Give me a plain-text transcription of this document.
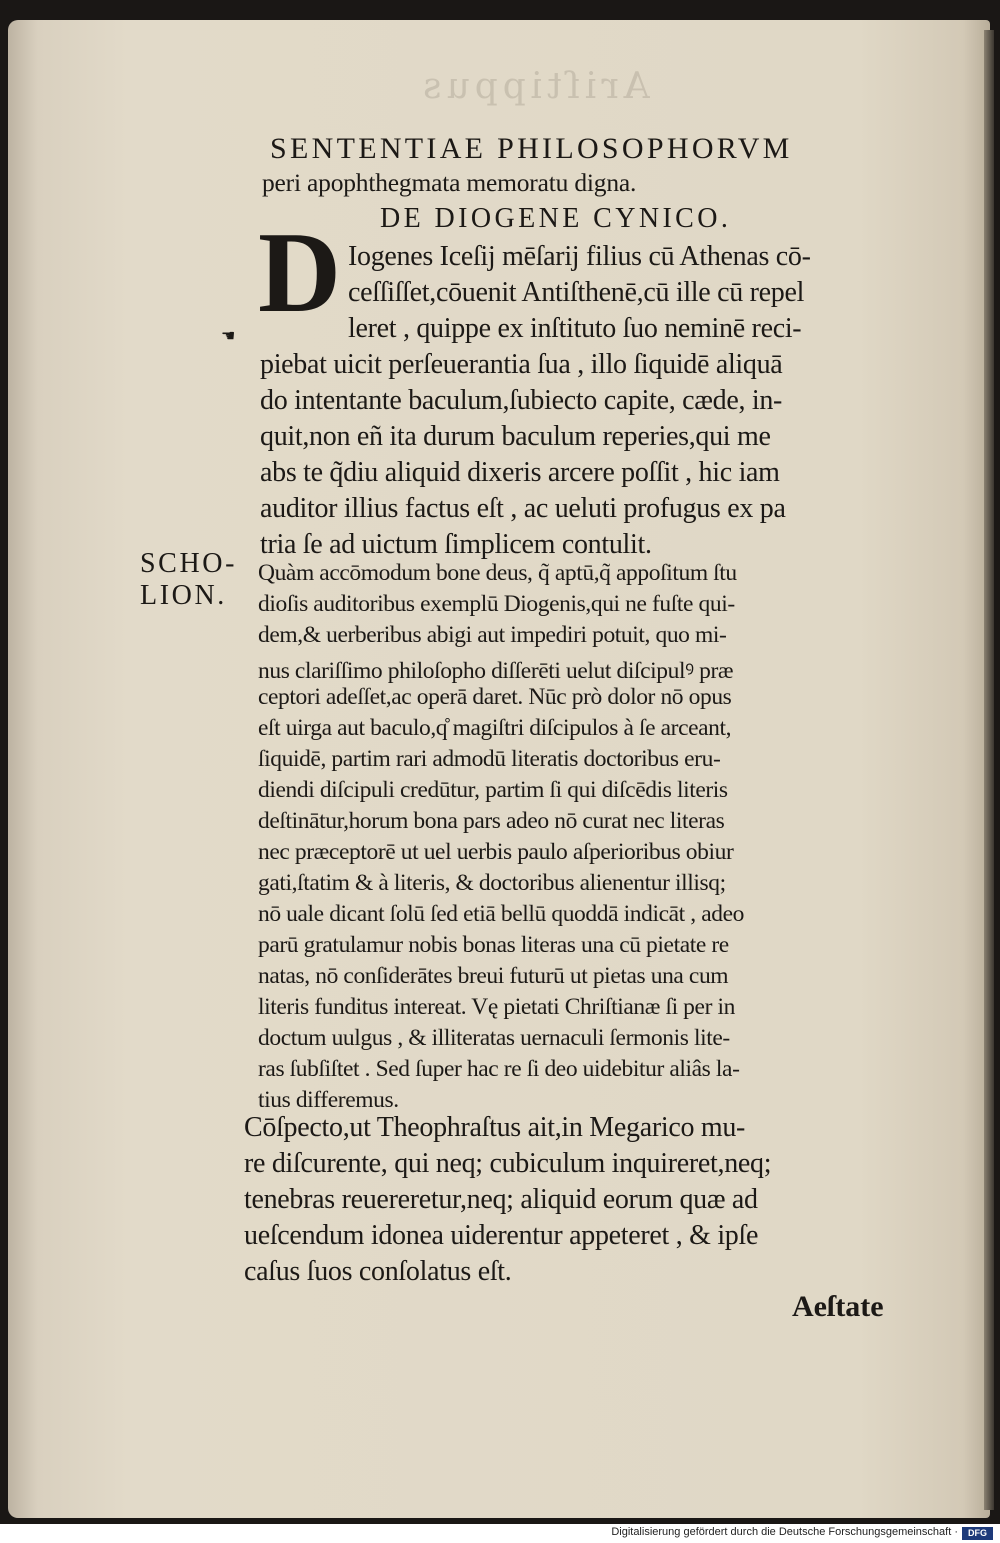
Ariſtippus
SENTENTIAE PHILOSOPHORVM
peri apophthegmata memoratu digna.
DE DIOGENE CYNICO.
D
☚
Iogenes Iceſij mēſarij filius cū Athenas cō-
ceſſiſſet,cōuenit Antiſthenē,cū ille cū repel
leret , quippe ex inſtituto ſuo neminē reci-
piebat uicit perſeuerantia ſua , illo ſiquidē aliquā
do intentante baculum,ſubiecto capite, cæde, in-
quit,non eñ ita durum baculum reperies,qui me
abs te q̃diu aliquid dixeris arcere poſſit , hic iam
auditor illius factus eſt , ac ueluti profugus ex pa
tria ſe ad uictum ſimplicem contulit.
SCHO-
LION.
Quàm accōmodum bone deus, q̃ aptū,q̃ appoſitum ſtu
dioſis auditoribus exemplū Diogenis,qui ne fuſte qui-
dem,& uerberibus abigi aut impediri potuit, quo mi-
nus clariſſimo philoſopho diſſerēti uelut diſcipulꝰ præ
ceptori adeſſet,ac operā daret. Nūc prò dolor nō opus
eſt uirga aut baculo,q̊ magiſtri diſcipulos à ſe arceant,
ſiquidē, partim rari admodū literatis doctoribus eru-
diendi diſcipuli credūtur, partim ſi qui diſcēdis literis
deſtinātur,horum bona pars adeo nō curat nec literas
nec præceptorē ut uel uerbis paulo aſperioribus obiur
gati,ſtatim & à literis, & doctoribus alienentur illisq;
nō uale dicant ſolū ſed etiā bellū quoddā indicāt , adeo
parū gratulamur nobis bonas literas una cū pietate re
natas, nō conſiderātes breui futurū ut pietas una cum
literis funditus intereat. Vę pietati Chriſtianæ ſi per in
doctum uulgus , & illiteratas uernaculi ſermonis lite-
ras ſubſiſtet . Sed ſuper hac re ſi deo uidebitur aliâs la-
tius differemus.
Cōſpecto,ut Theophraſtus ait,in Megarico mu-
re diſcurente, qui neq; cubiculum inquireret,neq;
tenebras reuereretur,neq; aliquid eorum quæ ad
ueſcendum idonea uiderentur appeteret , & ipſe
caſus ſuos conſolatus eſt.
Aeſtate
Digitalisierung gefördert durch die Deutsche Forschungsgemeinschaft ·	DFG
